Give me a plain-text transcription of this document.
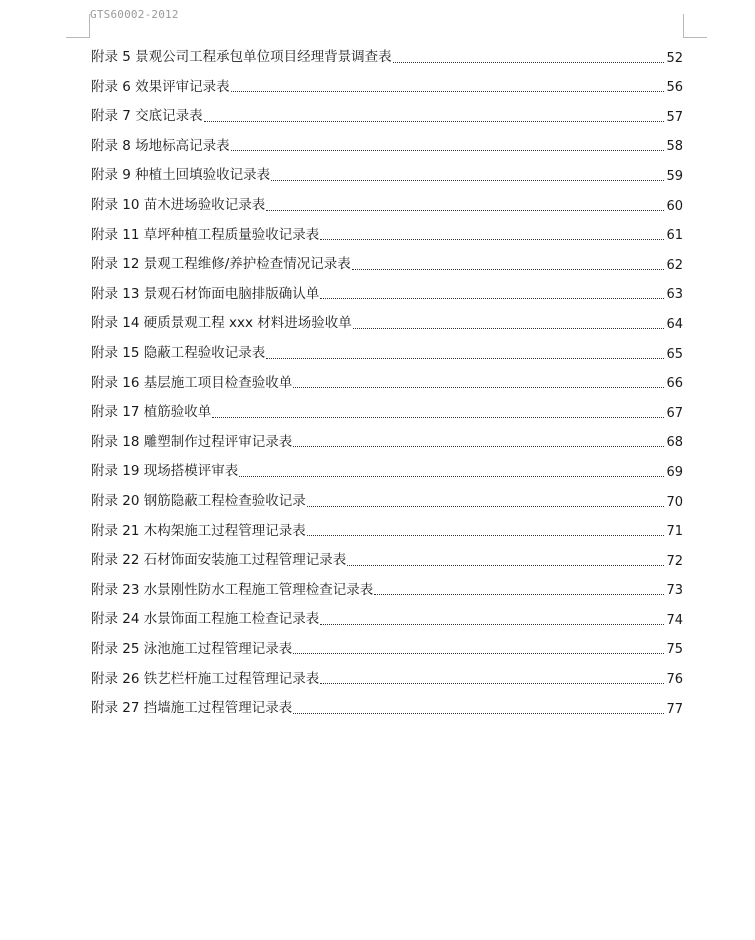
GTS60002-2012
附录 5 景观公司工程承包单位项目经理背景调查表	52
附录 6 效果评审记录表	56
附录 7 交底记录表	57
附录 8 场地标高记录表	58
附录 9 种植土回填验收记录表	59
附录 10 苗木进场验收记录表	60
附录 11 草坪种植工程质量验收记录表	61
附录 12 景观工程维修/养护检查情况记录表	62
附录 13 景观石材饰面电脑排版确认单	63
附录 14 硬质景观工程 xxx 材料进场验收单	64
附录 15 隐蔽工程验收记录表	65
附录 16 基层施工项目检查验收单	66
附录 17 植筋验收单	67
附录 18 雕塑制作过程评审记录表	68
附录 19 现场搭模评审表	69
附录 20 钢筋隐蔽工程检查验收记录	70
附录 21 木构架施工过程管理记录表	71
附录 22 石材饰面安装施工过程管理记录表	72
附录 23 水景刚性防水工程施工管理检查记录表	73
附录 24 水景饰面工程施工检查记录表	74
附录 25 泳池施工过程管理记录表	75
附录 26 铁艺栏杆施工过程管理记录表	76
附录 27 挡墙施工过程管理记录表	77
